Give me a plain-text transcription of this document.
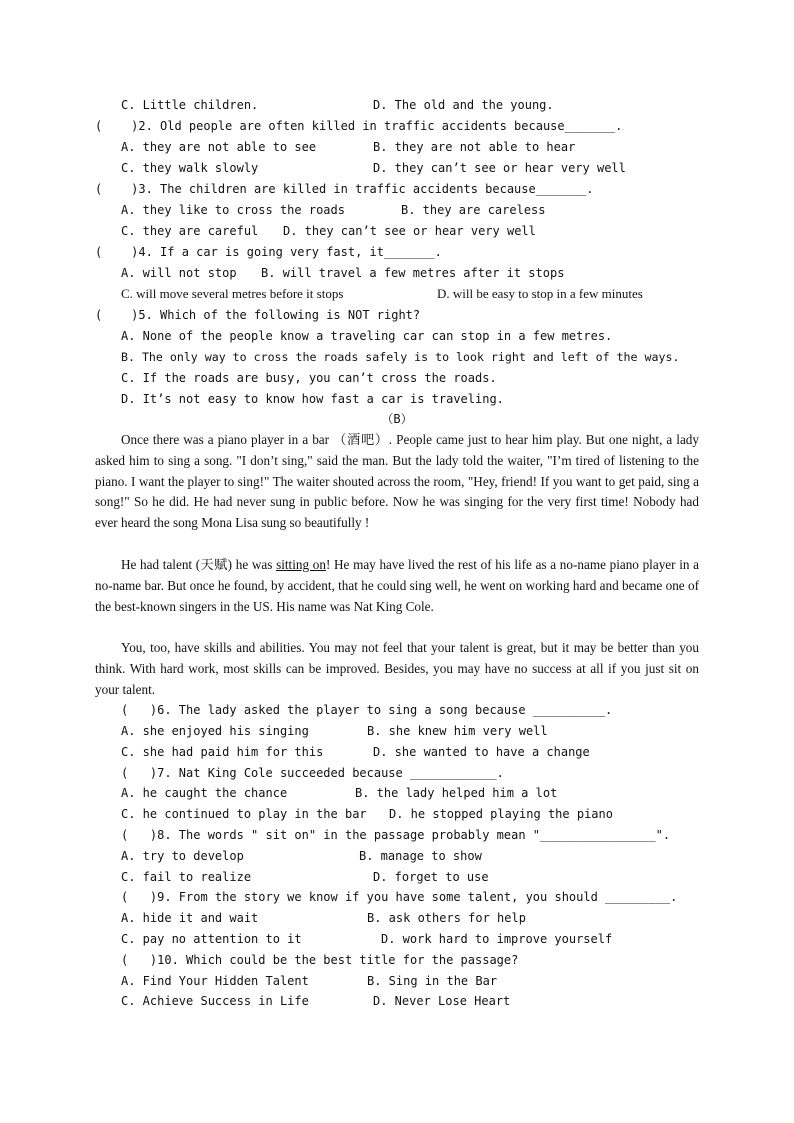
C. Little children.	D. The old and the young.
(    )2. Old people are often killed in traffic accidents because_______.
A. they are not able to see	B. they are not able to hear
C. they walk slowly	D. they can’t see or hear very well
(    )3. The children are killed in traffic accidents because_______.
A. they like to cross the roads	B. they are careless
C. they are careful D. they can’t see or hear very well
(    )4. If a car is going very fast, it_______.
A. will not stop B. will travel a few metres after it stops
C. will move several metres before it stops	D. will be easy to stop in a few minutes
(    )5. Which of the following is NOT right?
A. None of the people know a traveling car can stop in a few metres.
B. The only way to cross the roads safely is to look right and left of the ways.
C. If the roads are busy, you can’t cross the roads.
D. It’s not easy to know how fast a car is traveling.
（B）
Once there was a piano player in a bar （酒吧）. People came just to hear him play. But one night, a lady asked him to sing a song. "I don’t sing," said the man. But the lady told the waiter, "I’m tired of listening to the piano. I want the player to sing!" The waiter shouted across the room, "Hey, friend! If you want to get paid, sing a song!" So he did. He had never sung in public before. Now he was singing for the very first time! Nobody had ever heard the song Mona Lisa sung so beautifully !
He had talent (天赋) he was sitting on! He may have lived the rest of his life as a no-name piano player in a no-name bar. But once he found, by accident, that he could sing well, he went on working hard and became one of the best-known singers in the US. His name was Nat King Cole.
You, too, have skills and abilities. You may not feel that your talent is great, but it may be better than you think. With hard work, most skills can be improved. Besides, you may have no success at all if you just sit on your talent.
(   )6. The lady asked the player to sing a song because __________.
A. she enjoyed his singing	B. she knew him very well
C. she had paid him for this	D. she wanted to have a change
(   )7. Nat King Cole succeeded because ____________.
A. he caught the chance	B. the lady helped him a lot
C. he continued to play in the bar D. he stopped playing the piano
(   )8. The words " sit on" in the passage probably mean "________________".
A. try to develop	B. manage to show
C. fail to realize	D. forget to use
(   )9. From the story we know if you have some talent, you should _________.
A. hide it and wait	B. ask others for help
C. pay no attention to it	D. work hard to improve yourself
(   )10. Which could be the best title for the passage?
A. Find Your Hidden Talent	B. Sing in the Bar
C. Achieve Success in Life	D. Never Lose Heart
